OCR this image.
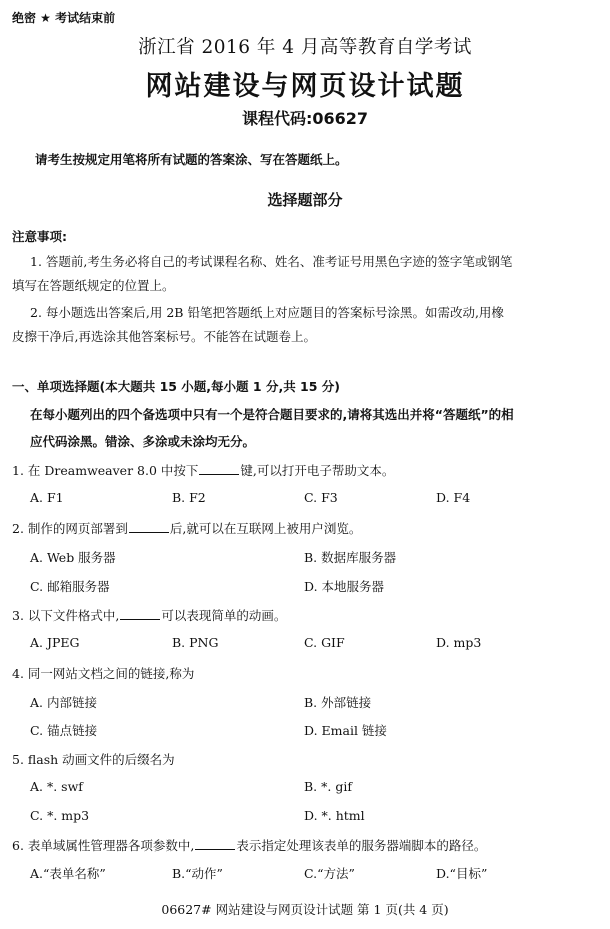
绝密 ★ 考试结束前
浙江省 2016 年 4 月高等教育自学考试
网站建设与网页设计试题
课程代码:06627
请考生按规定用笔将所有试题的答案涂、写在答题纸上。
选择题部分
注意事项:
1. 答题前,考生务必将自己的考试课程名称、姓名、准考证号用黑色字迹的签字笔或钢笔
填写在答题纸规定的位置上。
2. 每小题选出答案后,用 2B 铅笔把答题纸上对应题目的答案标号涂黑。如需改动,用橡
皮擦干净后,再选涂其他答案标号。不能答在试题卷上。
一、单项选择题(本大题共 15 小题,每小题 1 分,共 15 分)
在每小题列出的四个备选项中只有一个是符合题目要求的,请将其选出并将“答题纸”的相
应代码涂黑。错涂、多涂或未涂均无分。
1. 在 Dreamweaver 8.0 中按下	键,可以打开电子帮助文本。
A. F1	B. F2	C. F3	D. F4
2. 制作的网页部署到	后,就可以在互联网上被用户浏览。
A. Web 服务器	B. 数据库服务器
C. 邮箱服务器	D. 本地服务器
3. 以下文件格式中,	可以表现简单的动画。
A. JPEG	B. PNG	C. GIF	D. mp3
4. 同一网站文档之间的链接,称为
A. 内部链接	B. 外部链接
C. 锚点链接	D. Email 链接
5. flash 动画文件的后缀名为
A. *. swf	B. *. gif
C. *. mp3	D. *. html
6. 表单域属性管理器各项参数中,	表示指定处理该表单的服务器端脚本的路径。
A.“表单名称”	B.“动作”	C.“方法”	D.“目标”
06627# 网站建设与网页设计试题 第 1 页(共 4 页)
